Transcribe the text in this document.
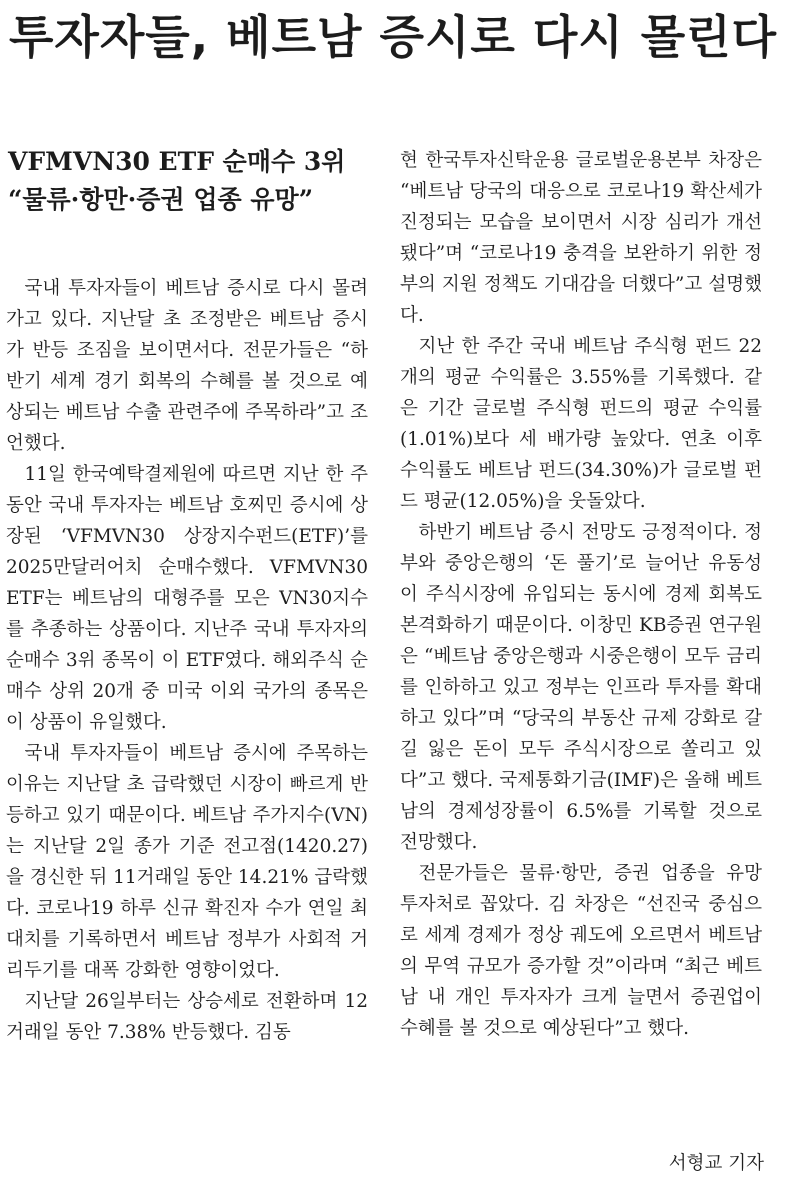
투자자들, 베트남 증시로 다시 몰린다
VFMVN30 ETF 순매수 3위
“물류·항만·증권 업종 유망”

국내 투자자들이 베트남 증시로 다시 몰려가고 있다. 지난달 초 조정받은 베트남 증시가 반등 조짐을 보이면서다. 전문가들은 “하반기 세계 경기 회복의 수혜를 볼 것으로 예상되는 베트남 수출 관련주에 주목하라”고 조언했다.

11일 한국예탁결제원에 따르면 지난 한 주 동안 국내 투자자는 베트남 호찌민 증시에 상장된 ‘VFMVN30 상장지수펀드(ETF)’를 2025만달러어치 순매수했다. VFMVN30 ETF는 베트남의 대형주를 모은 VN30지수를 추종하는 상품이다. 지난주 국내 투자자의 순매수 3위 종목이 이 ETF였다. 해외주식 순매수 상위 20개 중 미국 이외 국가의 종목은 이 상품이 유일했다.

국내 투자자들이 베트남 증시에 주목하는 이유는 지난달 초 급락했던 시장이 빠르게 반등하고 있기 때문이다. 베트남 주가지수(VN)는 지난달 2일 종가 기준 전고점(1420.27)을 경신한 뒤 11거래일 동안 14.21% 급락했다. 코로나19 하루 신규 확진자 수가 연일 최대치를 기록하면서 베트남 정부가 사회적 거리두기를 대폭 강화한 영향이었다.

지난달 26일부터는 상승세로 전환하며 12거래일 동안 7.38% 반등했다. 김동

현 한국투자신탁운용 글로벌운용본부 차장은 “베트남 당국의 대응으로 코로나19 확산세가 진정되는 모습을 보이면서 시장 심리가 개선됐다”며 “코로나19 충격을 보완하기 위한 정부의 지원 정책도 기대감을 더했다”고 설명했다.

지난 한 주간 국내 베트남 주식형 펀드 22개의 평균 수익률은 3.55%를 기록했다. 같은 기간 글로벌 주식형 펀드의 평균 수익률(1.01%)보다 세 배가량 높았다. 연초 이후 수익률도 베트남 펀드(34.30%)가 글로벌 펀드 평균(12.05%)을 웃돌았다.

하반기 베트남 증시 전망도 긍정적이다. 정부와 중앙은행의 ‘돈 풀기’로 늘어난 유동성이 주식시장에 유입되는 동시에 경제 회복도 본격화하기 때문이다. 이창민 KB증권 연구원은 “베트남 중앙은행과 시중은행이 모두 금리를 인하하고 있고 정부는 인프라 투자를 확대하고 있다”며 “당국의 부동산 규제 강화로 갈 길 잃은 돈이 모두 주식시장으로 쏠리고 있다”고 했다. 국제통화기금(IMF)은 올해 베트남의 경제성장률이 6.5%를 기록할 것으로 전망했다.

전문가들은 물류·항만, 증권 업종을 유망 투자처로 꼽았다. 김 차장은 “선진국 중심으로 세계 경제가 정상 궤도에 오르면서 베트남의 무역 규모가 증가할 것”이라며 “최근 베트남 내 개인 투자자가 크게 늘면서 증권업이 수혜를 볼 것으로 예상된다”고 했다.

서형교 기자
